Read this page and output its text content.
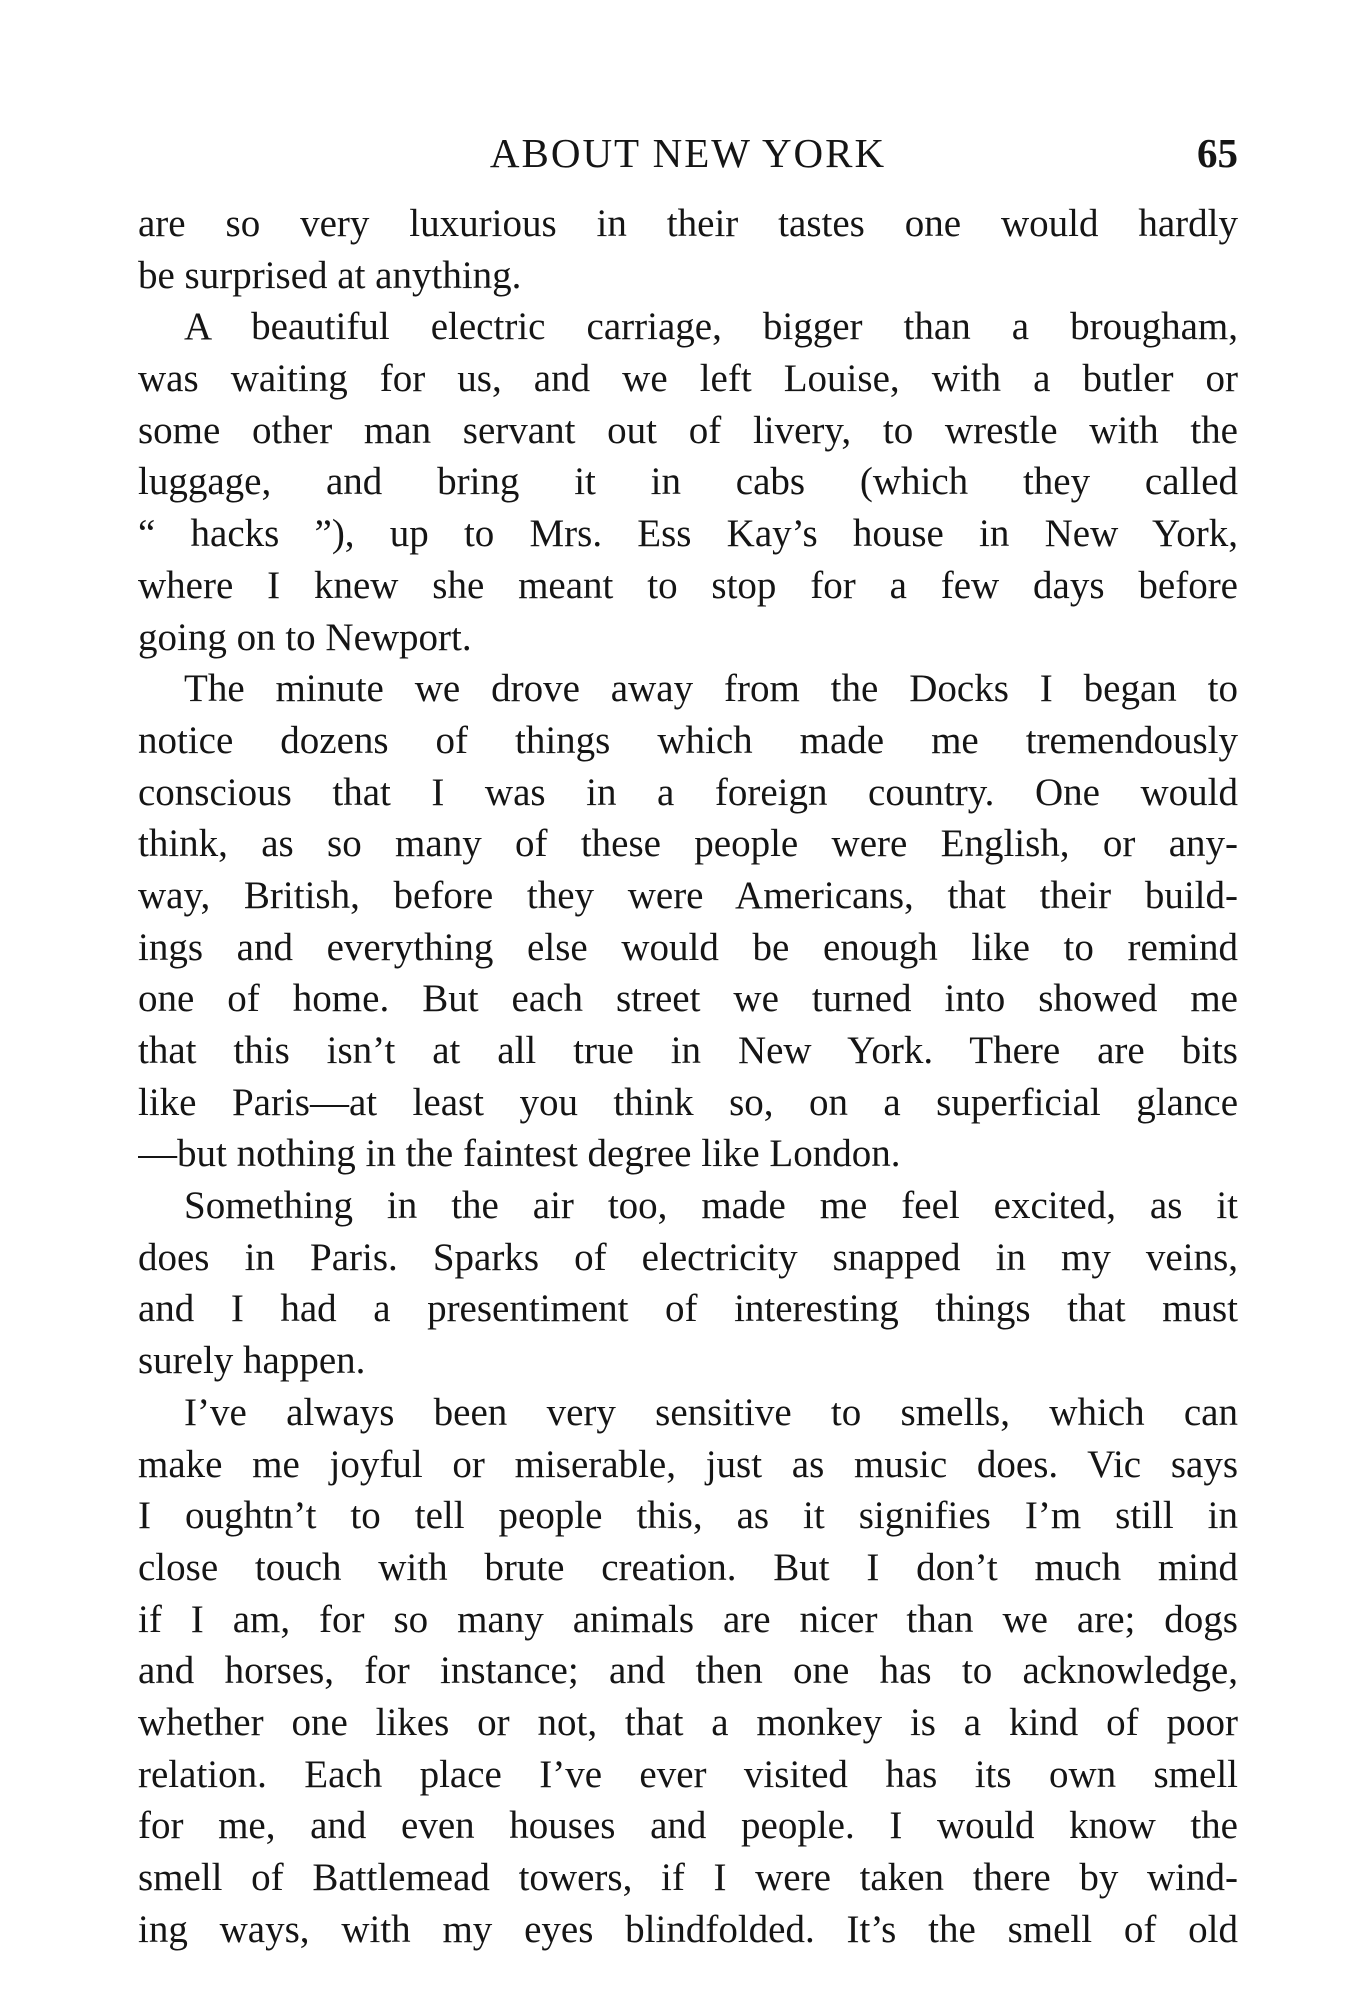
ABOUT NEW YORK	65
are so very luxurious in their tastes one would hardly
be surprised at anything.
A beautiful electric carriage, bigger than a brougham,
was waiting for us, and we left Louise, with a butler or
some other man servant out of livery, to wrestle with the
luggage, and bring it in cabs (which they called
“ hacks ”), up to Mrs. Ess Kay’s house in New York,
where I knew she meant to stop for a few days before
going on to Newport.
The minute we drove away from the Docks I began to
notice dozens of things which made me tremendously
conscious that I was in a foreign country. One would
think, as so many of these people were English, or any-
way, British, before they were Americans, that their build-
ings and everything else would be enough like to remind
one of home. But each street we turned into showed me
that this isn’t at all true in New York. There are bits
like Paris—at least you think so, on a superficial glance
—but nothing in the faintest degree like London.
Something in the air too, made me feel excited, as it
does in Paris. Sparks of electricity snapped in my veins,
and I had a presentiment of interesting things that must
surely happen.
I’ve always been very sensitive to smells, which can
make me joyful or miserable, just as music does. Vic says
I oughtn’t to tell people this, as it signifies I’m still in
close touch with brute creation. But I don’t much mind
if I am, for so many animals are nicer than we are; dogs
and horses, for instance; and then one has to acknowledge,
whether one likes or not, that a monkey is a kind of poor
relation. Each place I’ve ever visited has its own smell
for me, and even houses and people. I would know the
smell of Battlemead towers, if I were taken there by wind-
ing ways, with my eyes blindfolded. It’s the smell of old
